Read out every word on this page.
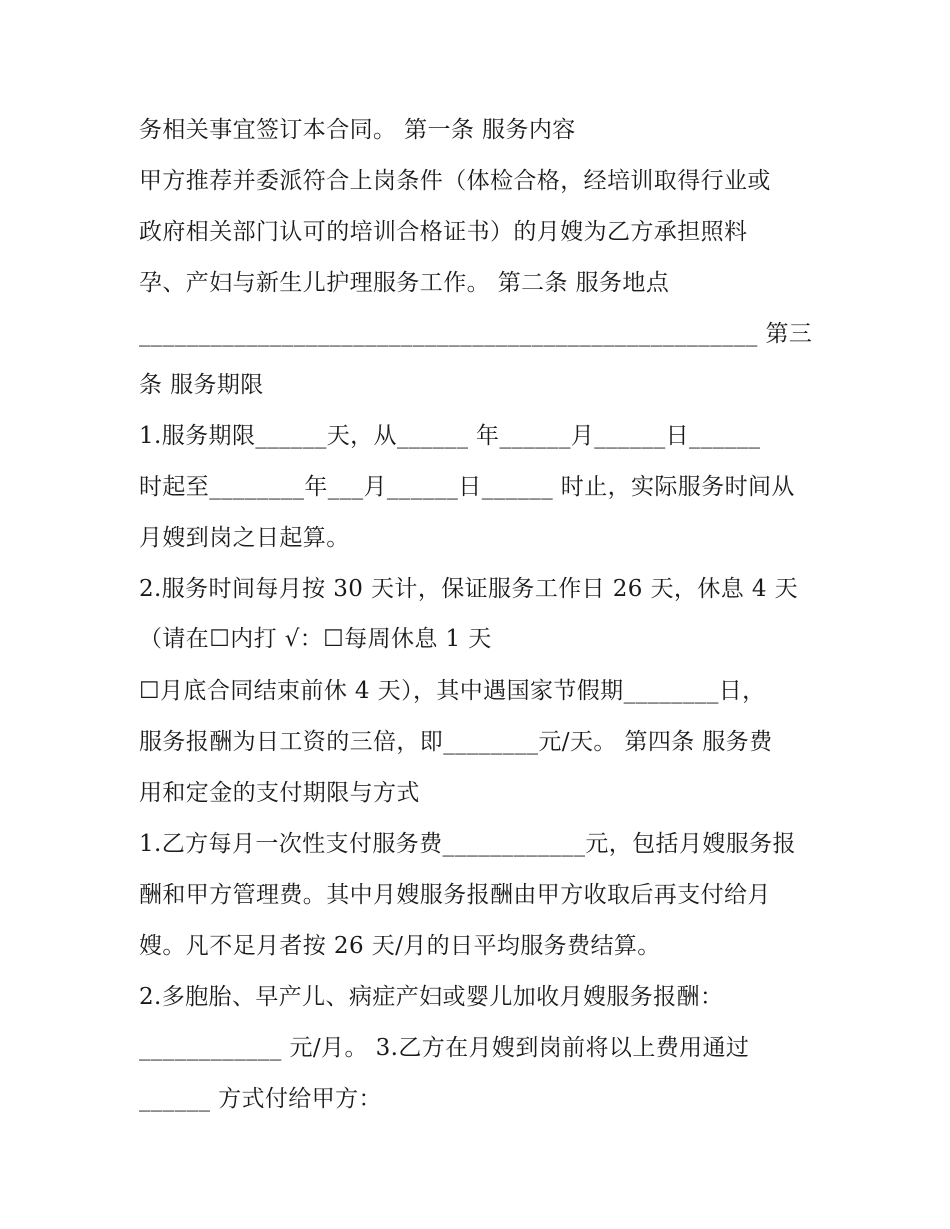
务相关事宜签订本合同。 第一条 服务内容
甲方推荐并委派符合上岗条件（体检合格，经培训取得行业或
政府相关部门认可的培训合格证书）的月嫂为乙方承担照料
孕、产妇与新生儿护理服务工作。 第二条 服务地点
____________________________________________________ 第三
条 服务期限
1.服务期限______天，从______ 年______月______日______
时起至________年___月______日______ 时止，实际服务时间从
月嫂到岗之日起算。
2.服务时间每月按 30 天计，保证服务工作日 26 天，休息 4 天
（请在☐内打 √：☐每周休息 1 天
☐月底合同结束前休 4 天），其中遇国家节假期________日，
服务报酬为日工资的三倍，即________元/天。 第四条 服务费
用和定金的支付期限与方式
1.乙方每月一次性支付服务费____________元，包括月嫂服务报
酬和甲方管理费。其中月嫂服务报酬由甲方收取后再支付给月
嫂。凡不足月者按 26 天/月的日平均服务费结算。
2.多胞胎、早产儿、病症产妇或婴儿加收月嫂服务报酬：
____________ 元/月。 3.乙方在月嫂到岗前将以上费用通过
______ 方式付给甲方：
